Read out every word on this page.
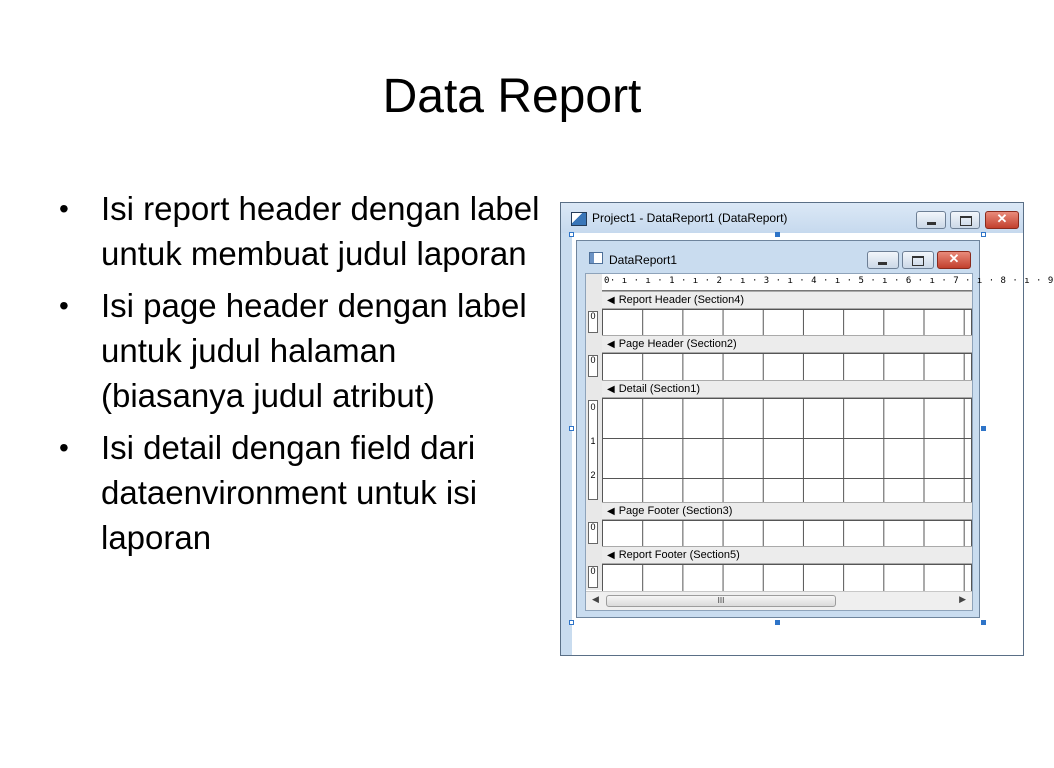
Data Report
• Isi report header dengan label untuk membuat judul laporan
• Isi page header dengan label untuk judul halaman (biasanya judul atribut)
• Isi detail dengan field dari dataenvironment untuk isi laporan
Project1 - DataReport1 (DataReport)	✕
DataReport1	✕
0· ı · ı · 1 · ı · 2 · ı · 3 · ı · 4 · ı · 5 · ı · 6 · ı · 7 · ı · 8 · ı · 9
◀ Report Header (Section4)
0
◀ Page Header (Section2)
0
◀ Detail (Section1)
0
1
2
◀ Page Footer (Section3)
0
◀ Report Footer (Section5)
0
◀	III	▶
